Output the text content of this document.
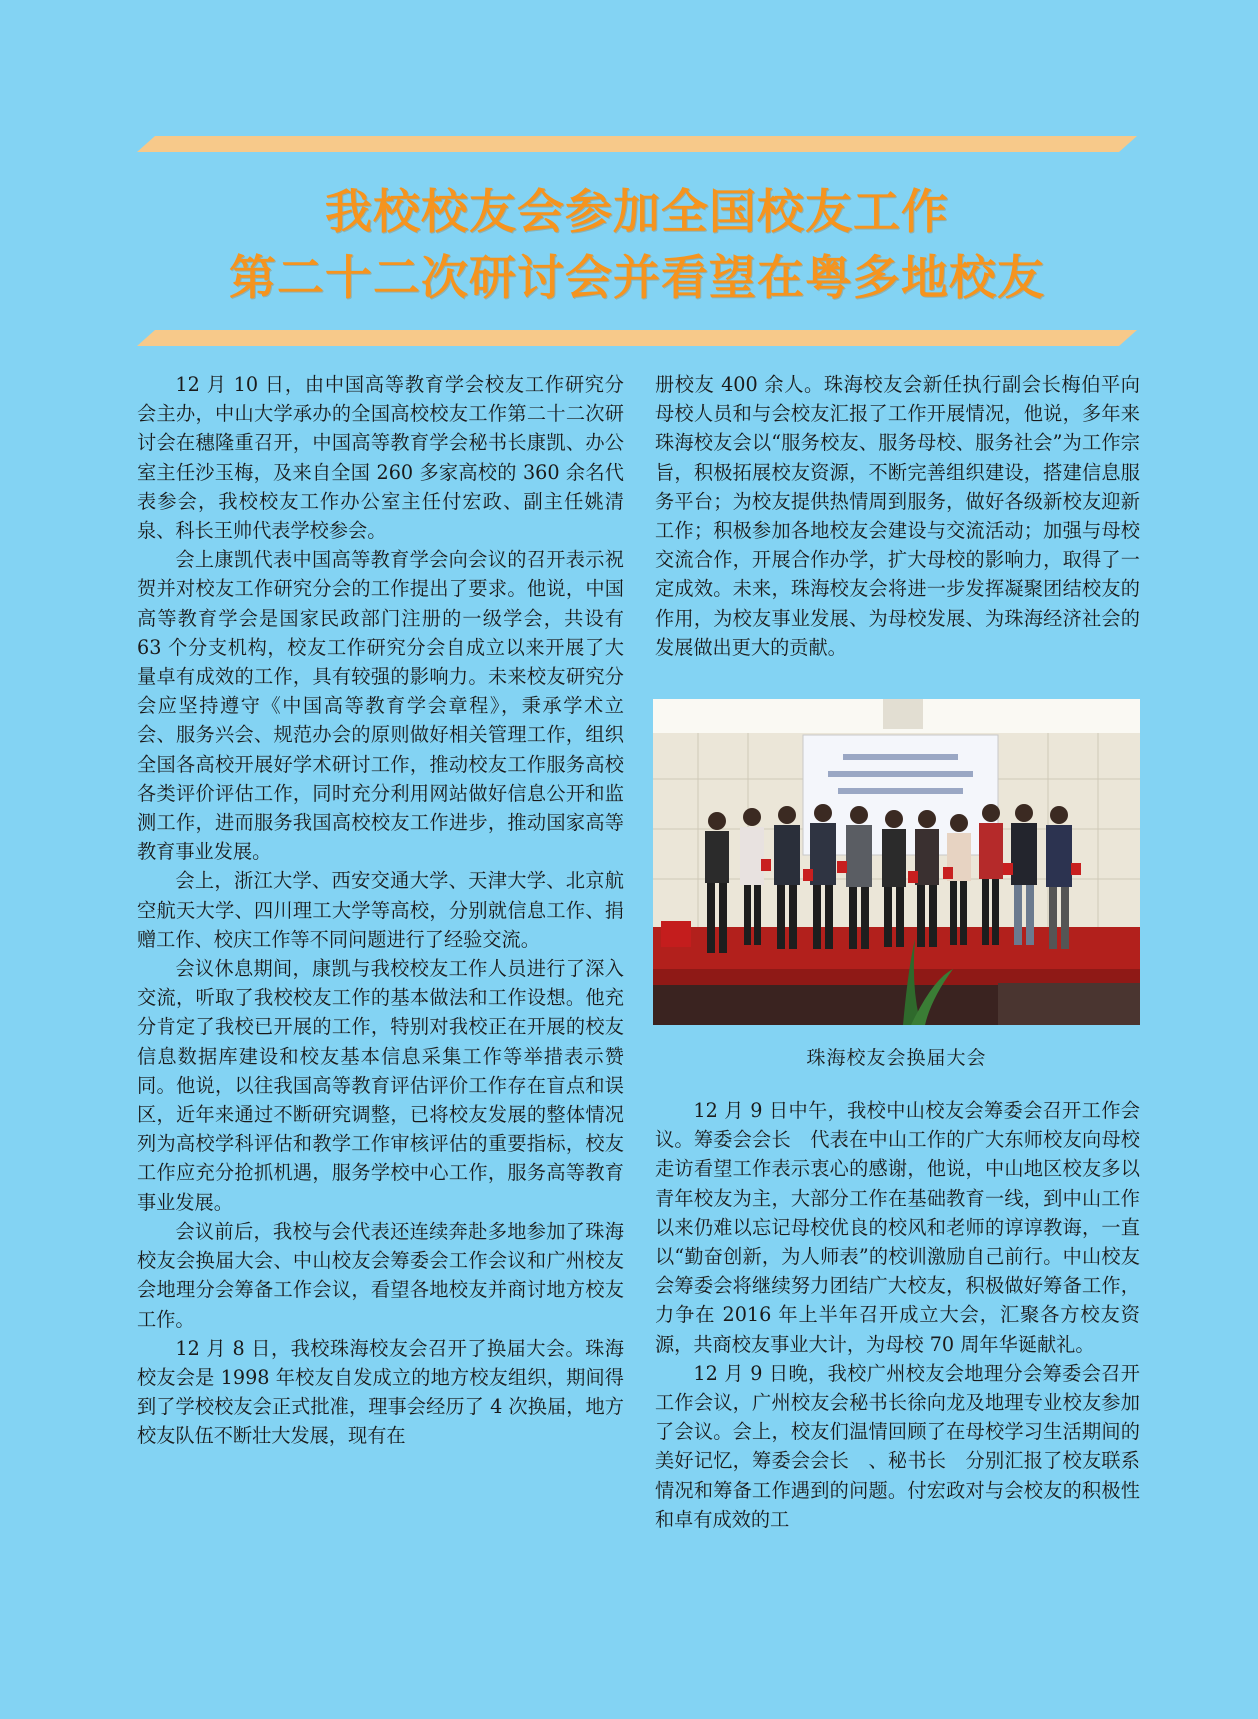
我校校友会参加全国校友工作
第二十二次研讨会并看望在粤多地校友

12 月 10 日，由中国高等教育学会校友工作研究分会主办，中山大学承办的全国高校校友工作第二十二次研讨会在穗隆重召开，中国高等教育学会秘书长康凯、办公室主任沙玉梅，及来自全国 260 多家高校的 360 余名代表参会，我校校友工作办公室主任付宏政、副主任姚清泉、科长王帅代表学校参会。

会上康凯代表中国高等教育学会向会议的召开表示祝贺并对校友工作研究分会的工作提出了要求。他说，中国高等教育学会是国家民政部门注册的一级学会，共设有 63 个分支机构，校友工作研究分会自成立以来开展了大量卓有成效的工作，具有较强的影响力。未来校友研究分会应坚持遵守《中国高等教育学会章程》，秉承学术立会、服务兴会、规范办会的原则做好相关管理工作，组织全国各高校开展好学术研讨工作，推动校友工作服务高校各类评价评估工作，同时充分利用网站做好信息公开和监测工作，进而服务我国高校校友工作进步，推动国家高等教育事业发展。

会上，浙江大学、西安交通大学、天津大学、北京航空航天大学、四川理工大学等高校，分别就信息工作、捐赠工作、校庆工作等不同问题进行了经验交流。

会议休息期间，康凯与我校校友工作人员进行了深入交流，听取了我校校友工作的基本做法和工作设想。他充分肯定了我校已开展的工作，特别对我校正在开展的校友信息数据库建设和校友基本信息采集工作等举措表示赞同。他说，以往我国高等教育评估评价工作存在盲点和误区，近年来通过不断研究调整，已将校友发展的整体情况列为高校学科评估和教学工作审核评估的重要指标，校友工作应充分抢抓机遇，服务学校中心工作，服务高等教育事业发展。

会议前后，我校与会代表还连续奔赴多地参加了珠海校友会换届大会、中山校友会筹委会工作会议和广州校友会地理分会筹备工作会议，看望各地校友并商讨地方校友工作。

12 月 8 日，我校珠海校友会召开了换届大会。珠海校友会是 1998 年校友自发成立的地方校友组织，期间得到了学校校友会正式批准，理事会经历了 4 次换届，地方校友队伍不断壮大发展，现有在

册校友 400 余人。珠海校友会新任执行副会长梅伯平向母校人员和与会校友汇报了工作开展情况，他说，多年来珠海校友会以“服务校友、服务母校、服务社会”为工作宗旨，积极拓展校友资源，不断完善组织建设，搭建信息服务平台；为校友提供热情周到服务，做好各级新校友迎新工作；积极参加各地校友会建设与交流活动；加强与母校交流合作，开展合作办学，扩大母校的影响力，取得了一定成效。未来，珠海校友会将进一步发挥凝聚团结校友的作用，为校友事业发展、为母校发展、为珠海经济社会的发展做出更大的贡献。

珠海校友会换届大会

12 月 9 日中午，我校中山校友会筹委会召开工作会议。筹委会会长　代表在中山工作的广大东师校友向母校走访看望工作表示衷心的感谢，他说，中山地区校友多以青年校友为主，大部分工作在基础教育一线，到中山工作以来仍难以忘记母校优良的校风和老师的谆谆教诲，一直以“勤奋创新，为人师表”的校训激励自己前行。中山校友会筹委会将继续努力团结广大校友，积极做好筹备工作，力争在 2016 年上半年召开成立大会，汇聚各方校友资源，共商校友事业大计，为母校 70 周年华诞献礼。

12 月 9 日晚，我校广州校友会地理分会筹委会召开工作会议，广州校友会秘书长徐向龙及地理专业校友参加了会议。会上，校友们温情回顾了在母校学习生活期间的美好记忆，筹委会会长　、秘书长　分别汇报了校友联系情况和筹备工作遇到的问题。付宏政对与会校友的积极性和卓有成效的工
